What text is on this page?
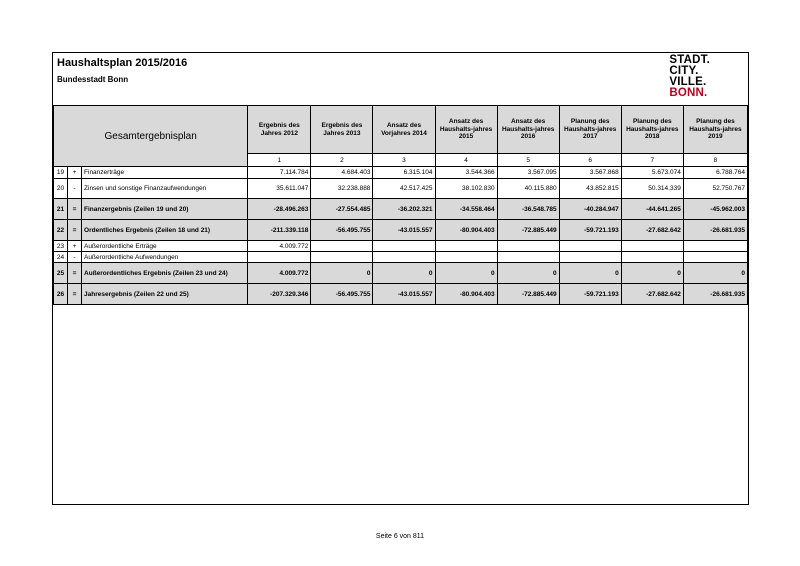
Haushaltsplan 2015/2016
Bundesstadt Bonn
STADT.
CITY.
VILLE.
BONN.
Gesamtergebnisplan			Ergebnis des Jahres 2012	Ergebnis des Jahres 2013	Ansatz des Vorjahres 2014	Ansatz des Haushalts-jahres 2015	Ansatz des Haushalts-jahres 2016	Planung des Haushalts-jahres 2017	Planung des Haushalts-jahres 2018	Planung des Haushalts-jahres 2019
			1	2	3	4	5	6	7	8
19	+	Finanzerträge	7.114.784	4.684.403	6.315.104	3.544.366	3.567.095	3.567.868	5.673.074	6.788.764
20	-	Zinsen und sonstige Finanzaufwendungen	35.611.047	32.238.888	42.517.425	38.102.830	40.115.880	43.852.815	50.314.339	52.750.767
21	=	Finanzergebnis (Zeilen 19 und 20)	-28.496.263	-27.554.485	-36.202.321	-34.558.464	-36.548.785	-40.284.947	-44.641.265	-45.962.003
22	=	Ordentliches Ergebnis (Zeilen 18 und 21)	-211.339.118	-56.495.755	-43.015.557	-80.904.403	-72.885.449	-59.721.193	-27.682.642	-26.681.935
23	+	Außerordentliche Erträge	4.009.772							
24	-	Außerordentliche Aufwendungen								
25	=	Außerordentliches Ergebnis (Zeilen 23 und 24)	4.009.772	0	0	0	0	0	0	0
26	=	Jahresergebnis (Zeilen 22 und 25)	-207.329.346	-56.495.755	-43.015.557	-80.904.403	-72.885.449	-59.721.193	-27.682.642	-26.681.935
Seite 6 von 811
